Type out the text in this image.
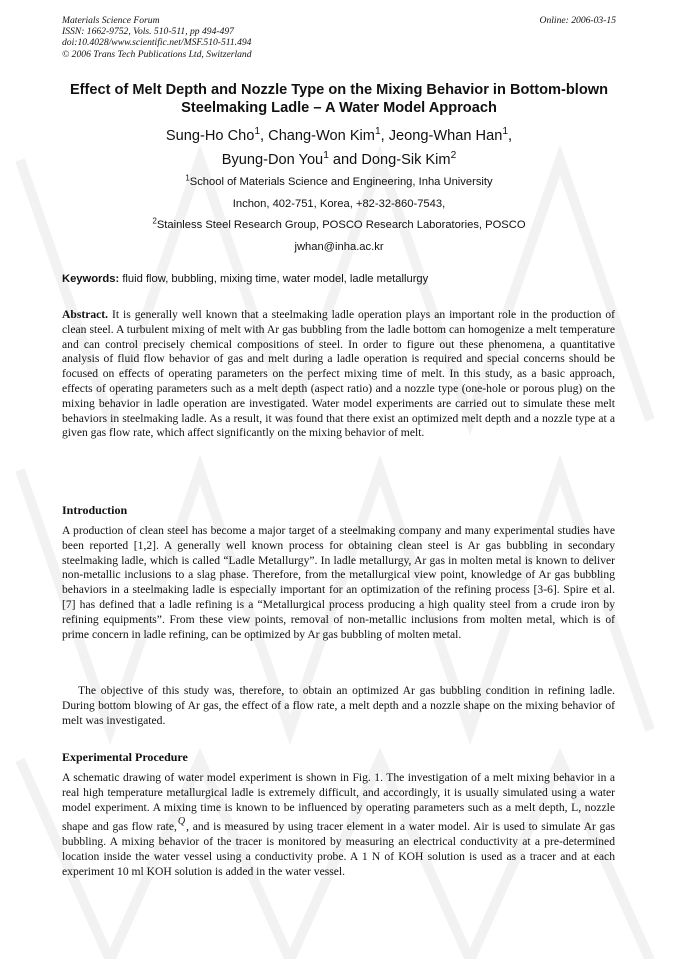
Materials Science Forum
ISSN: 1662-9752, Vols. 510-511, pp 494-497
doi:10.4028/www.scientific.net/MSF.510-511.494
© 2006 Trans Tech Publications Ltd, Switzerland
Online: 2006-03-15
Effect of Melt Depth and Nozzle Type on the Mixing Behavior in Bottom-blown Steelmaking Ladle – A Water Model Approach
Sung-Ho Cho$^1$, Chang-Won Kim$^1$, Jeong-Whan Han$^1$,
Byung-Don You$^1$ and Dong-Sik Kim$^2$
$^1$School of Materials Science and Engineering, Inha University
Inchon, 402-751, Korea, +82-32-860-7543,
$^2$Stainless Steel Research Group, POSCO Research Laboratories, POSCO
jwhan@inha.ac.kr
Keywords: fluid flow, bubbling, mixing time, water model, ladle metallurgy
Abstract. It is generally well known that a steelmaking ladle operation plays an important role in the production of clean steel. A turbulent mixing of melt with Ar gas bubbling from the ladle bottom can homogenize a melt temperature and can control precisely chemical compositions of steel. In order to figure out these phenomena, a quantitative analysis of fluid flow behavior of gas and melt during a ladle operation is required and special concerns should be focused on effects of operating parameters on the perfect mixing time of melt. In this study, as a basic approach, effects of operating parameters such as a melt depth (aspect ratio) and a nozzle type (one-hole or porous plug) on the mixing behavior in ladle operation are investigated. Water model experiments are carried out to simulate these melt behaviors in steelmaking ladle. As a result, it was found that there exist an optimized melt depth and a nozzle type at a given gas flow rate, which affect significantly on the mixing behavior of melt.
Introduction
A production of clean steel has become a major target of a steelmaking company and many experimental studies have been reported [1,2]. A generally well known process for obtaining clean steel is Ar gas bubbling in secondary steelmaking ladle, which is called “Ladle Metallurgy”. In ladle metallurgy, Ar gas in molten metal is known to deliver non-metallic inclusions to a slag phase. Therefore, from the metallurgical view point, knowledge of Ar gas bubbling behaviors in a steelmaking ladle is especially important for an optimization of the refining process [3-6]. Spire et al. [7] has defined that a ladle refining is a “Metallurgical process producing a high quality steel from a crude iron by refining equipments”. From these view points, removal of non-metallic inclusions from molten metal, which is of prime concern in ladle refining, can be optimized by Ar gas bubbling of molten metal.
The objective of this study was, therefore, to obtain an optimized Ar gas bubbling condition in refining ladle. During bottom blowing of Ar gas, the effect of a flow rate, a melt depth and a nozzle shape on the mixing behavior of melt was investigated.
Experimental Procedure
A schematic drawing of water model experiment is shown in Fig. 1. The investigation of a melt mixing behavior in a real high temperature metallurgical ladle is extremely difficult, and accordingly, it is usually simulated using a water model experiment. A mixing time is known to be influenced by operating parameters such as a melt depth, L, nozzle shape and gas flow rate,Q, and is measured by using tracer element in a water model. Air is used to simulate Ar gas bubbling. A mixing behavior of the tracer is monitored by measuring an electrical conductivity at a pre-determined location inside the water vessel using a conductivity probe. A 1 N of KOH solution is used as a tracer and at each experiment 10 ml KOH solution is added in the water vessel.
